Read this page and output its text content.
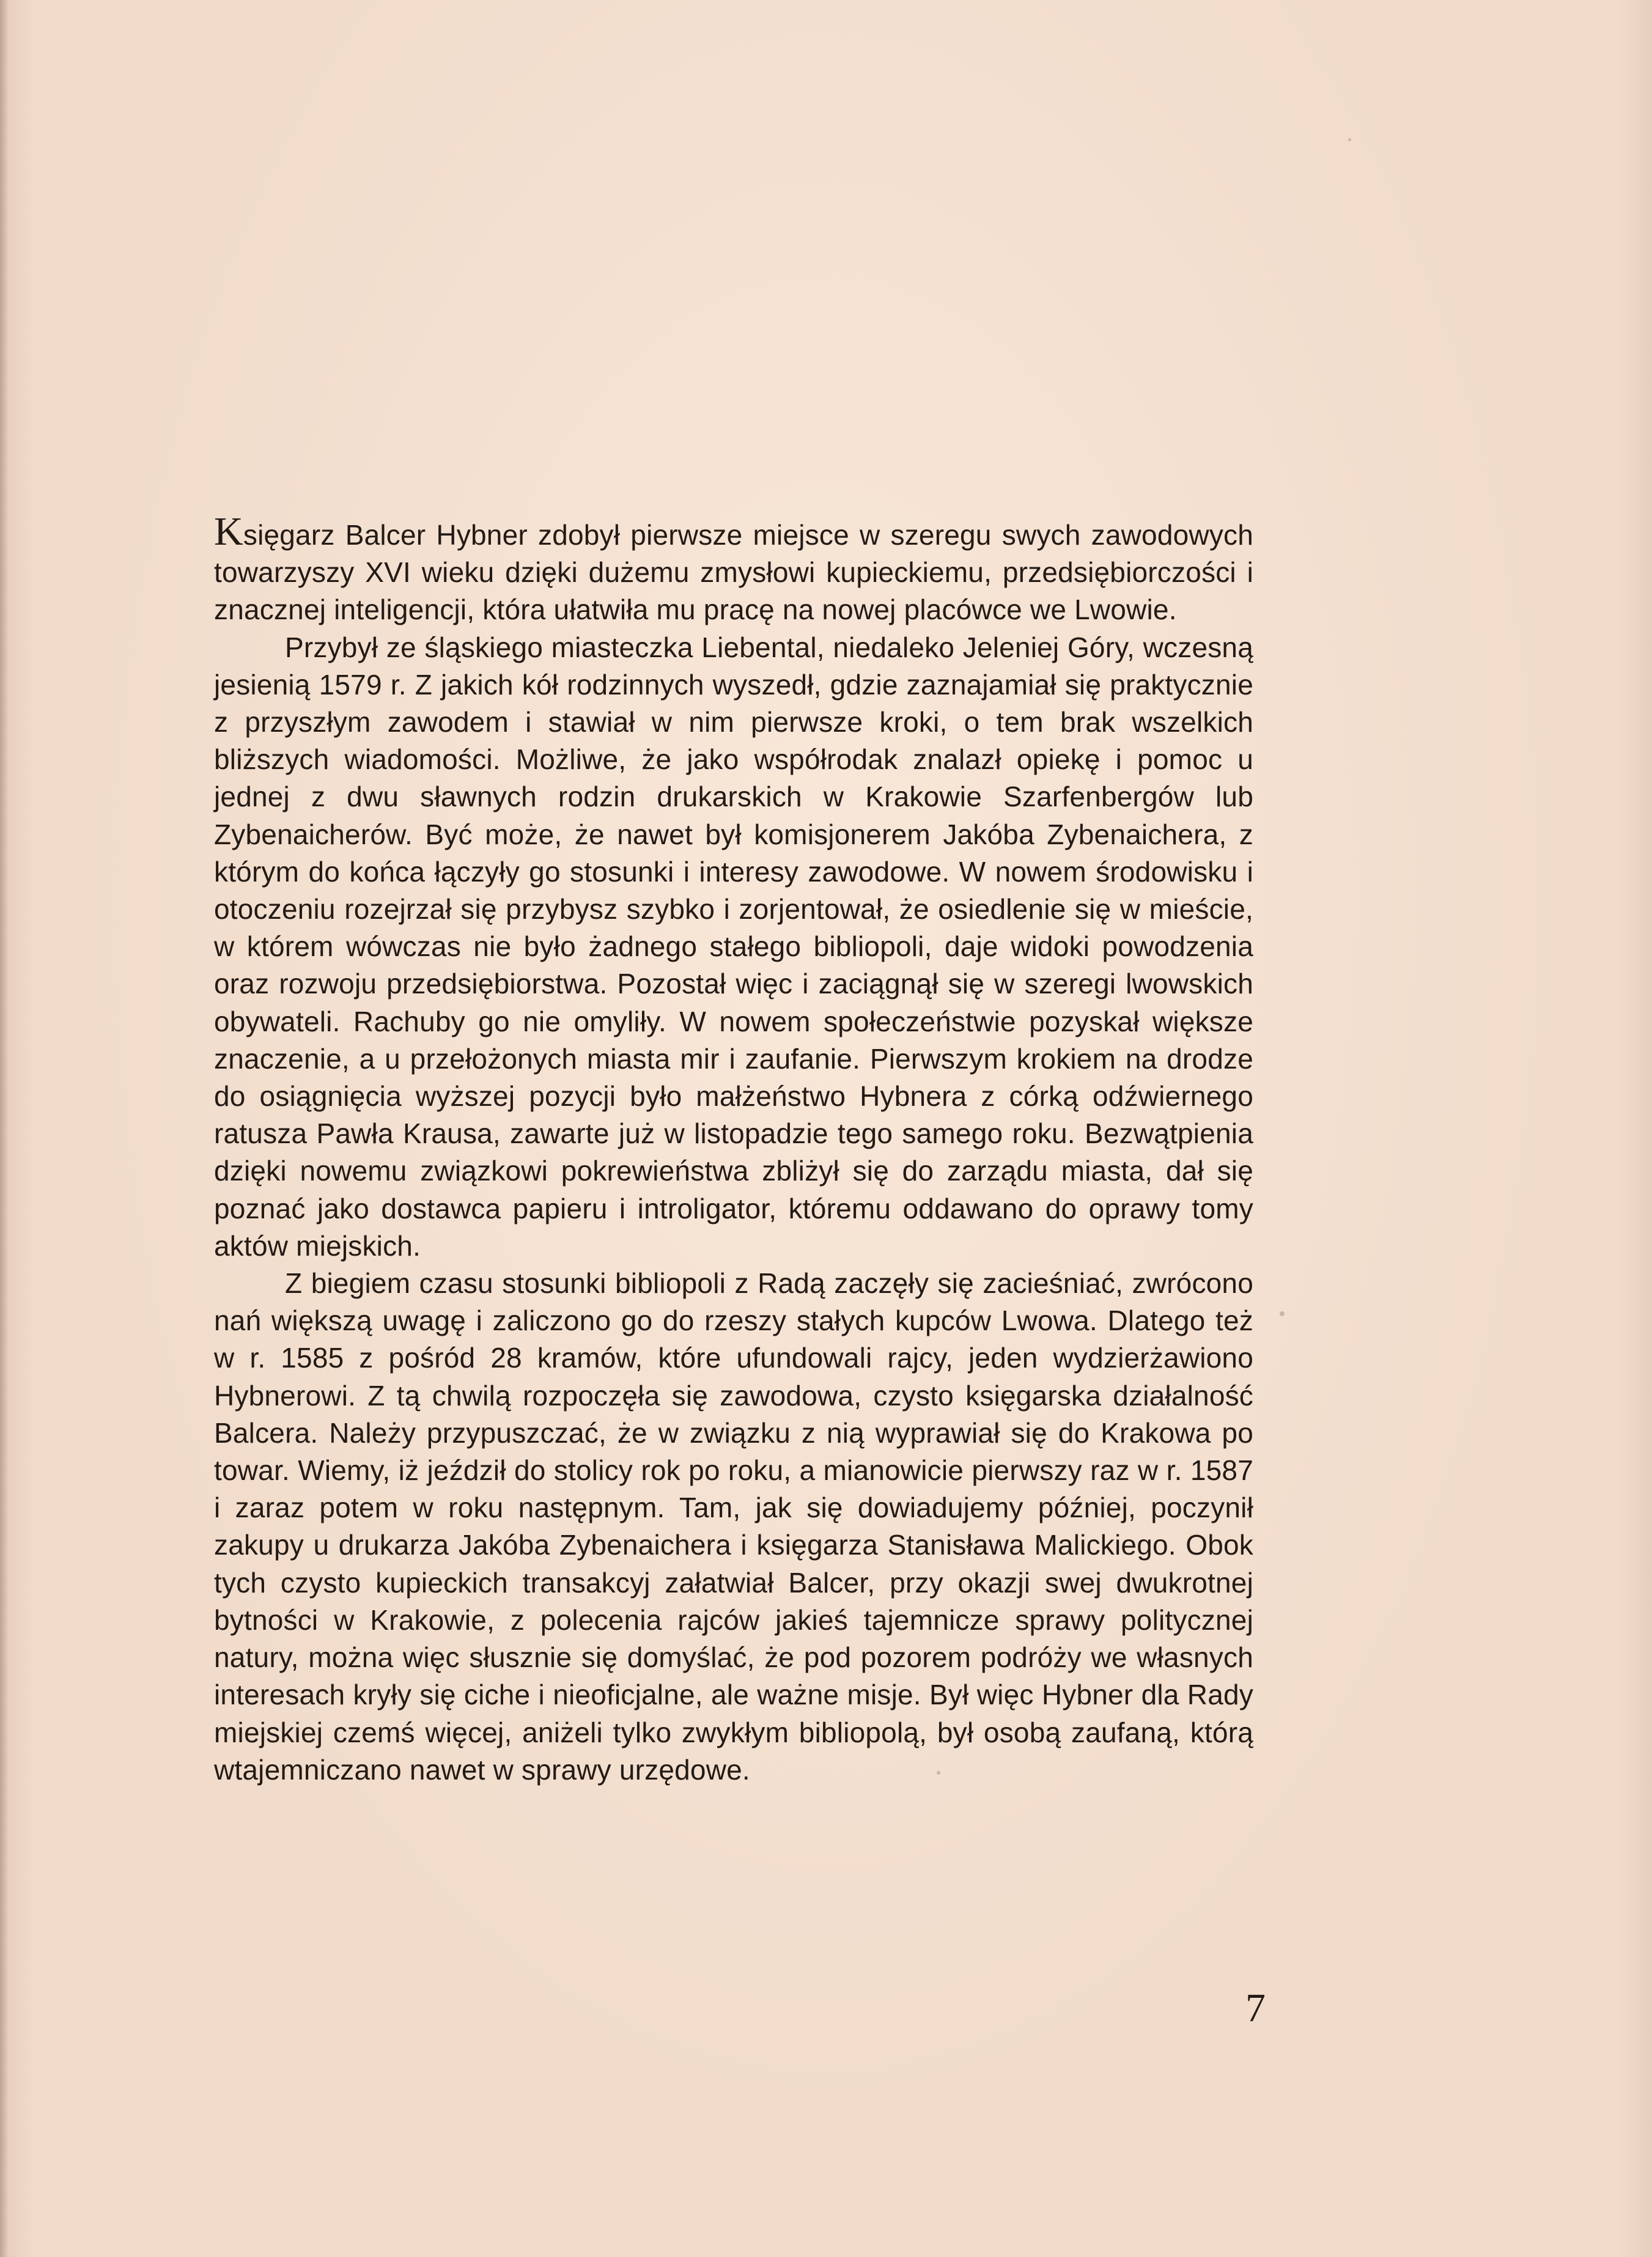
Księgarz Balcer Hybner zdobył pierwsze miejsce w szeregu swych zawodowych towarzyszy XVI wieku dzięki dużemu zmysłowi kupieckiemu, przedsiębiorczości i znacznej inteligencji, która ułatwiła mu pracę na nowej placówce we Lwowie.

Przybył ze śląskiego miasteczka Liebental, niedaleko Jeleniej Góry, wczesną jesienią 1579 r. Z jakich kół rodzinnych wyszedł, gdzie zaznajamiał się praktycznie z przyszłym zawodem i stawiał w nim pierwsze kroki, o tem brak wszelkich bliższych wiadomości. Możliwe, że jako współrodak znalazł opiekę i pomoc u jednej z dwu sławnych rodzin drukarskich w Krakowie Szarfenbergów lub Zybenaicherów. Być może, że nawet był komisjonerem Jakóba Zybenaichera, z którym do końca łączyły go stosunki i interesy zawodowe. W nowem środowisku i otoczeniu rozejrzał się przybysz szybko i zorjentował, że osiedlenie się w mieście, w którem wówczas nie było żadnego stałego bibliopoli, daje widoki powodzenia oraz rozwoju przedsiębiorstwa. Pozostał więc i zaciągnął się w szeregi lwowskich obywateli. Rachuby go nie omyliły. W nowem społeczeństwie pozyskał większe znaczenie, a u przełożonych miasta mir i zaufanie. Pierwszym krokiem na drodze do osiągnięcia wyższej pozycji było małżeństwo Hybnera z córką odźwiernego ratusza Pawła Krausa, zawarte już w listopadzie tego samego roku. Bezwątpienia dzięki nowemu związkowi pokrewieństwa zbliżył się do zarządu miasta, dał się poznać jako dostawca papieru i introligator, któremu oddawano do oprawy tomy aktów miejskich.

Z biegiem czasu stosunki bibliopoli z Radą zaczęły się zacieśniać, zwrócono nań większą uwagę i zaliczono go do rzeszy stałych kupców Lwowa. Dlatego też w r. 1585 z pośród 28 kramów, które ufundowali rajcy, jeden wydzierżawiono Hybnerowi. Z tą chwilą rozpoczęła się zawodowa, czysto księgarska działalność Balcera. Należy przypuszczać, że w związku z nią wyprawiał się do Krakowa po towar. Wiemy, iż jeździł do stolicy rok po roku, a mianowicie pierwszy raz w r. 1587 i zaraz potem w roku następnym. Tam, jak się dowiadujemy później, poczynił zakupy u drukarza Jakóba Zybenaichera i księgarza Stanisława Malickiego. Obok tych czysto kupieckich transakcyj załatwiał Balcer, przy okazji swej dwukrotnej bytności w Krakowie, z polecenia rajców jakieś tajemnicze sprawy politycznej natury, można więc słusznie się domyślać, że pod pozorem podróży we własnych interesach kryły się ciche i nieoficjalne, ale ważne misje. Był więc Hybner dla Rady miejskiej czemś więcej, aniżeli tylko zwykłym bibliopolą, był osobą zaufaną, którą wtajemniczano nawet w sprawy urzędowe.

7
